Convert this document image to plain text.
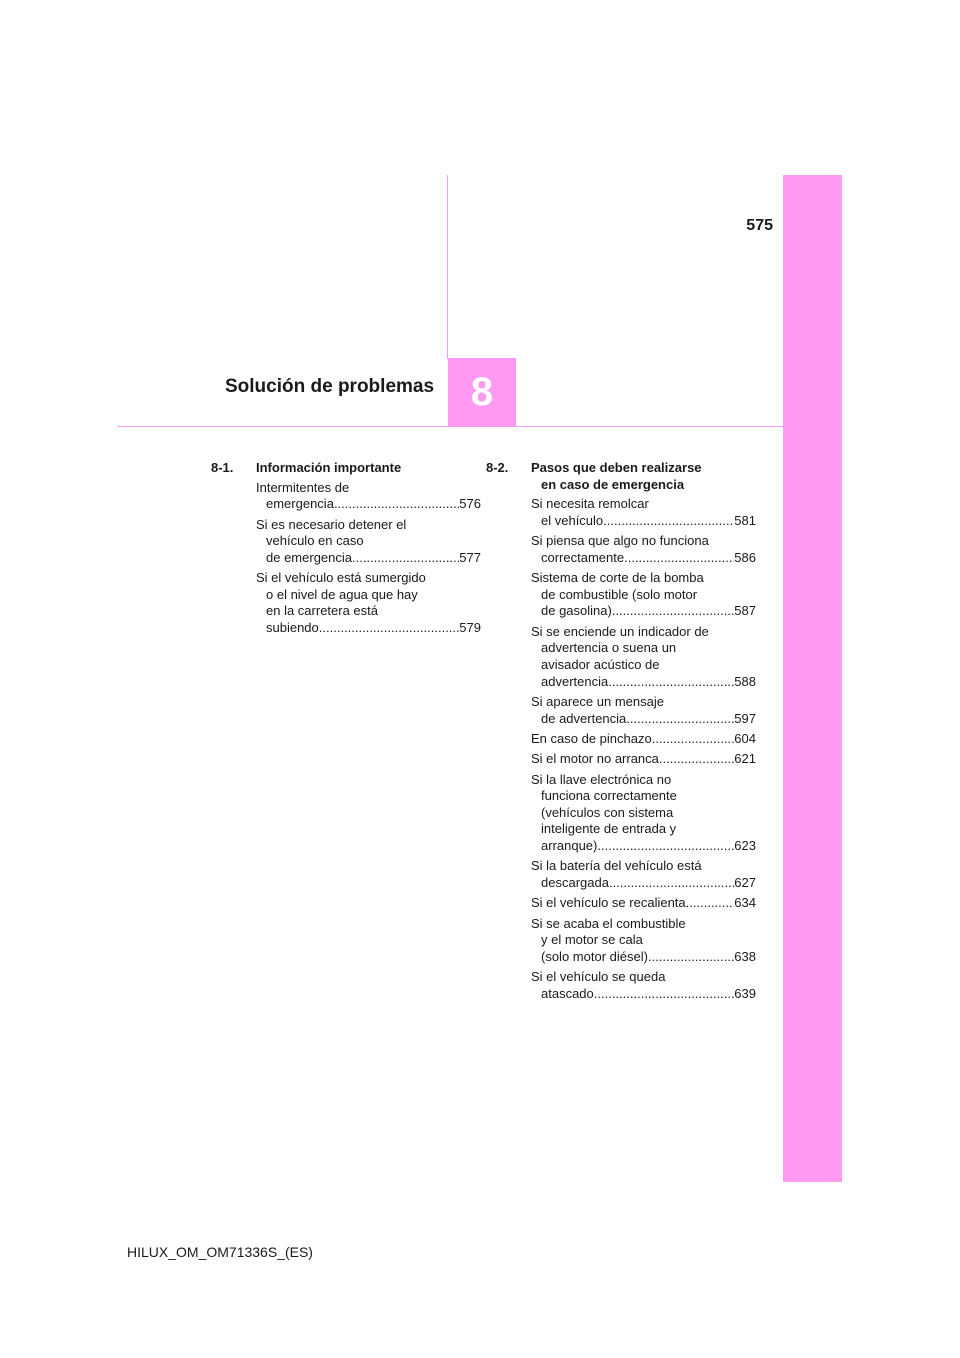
575
8
Solución de problemas
8-1.	Información importante
Intermitentes de
emergencia .....	576
Si es necesario detener el
vehículo en caso
de emergencia .....	577
Si el vehículo está sumergido
o el nivel de agua que hay
en la carretera está
subiendo .....	579
8-2.	Pasos que deben realizarse
en caso de emergencia
Si necesita remolcar
el vehículo .....	581
Si piensa que algo no funciona
correctamente .....	586
Sistema de corte de la bomba
de combustible (solo motor
de gasolina) .....	587
Si se enciende un indicador de
advertencia o suena un
avisador acústico de
advertencia .....	588
Si aparece un mensaje
de advertencia .....	597
En caso de pinchazo .....	604
Si el motor no arranca .....	621
Si la llave electrónica no
funciona correctamente
(vehículos con sistema
inteligente de entrada y
arranque) .....	623
Si la batería del vehículo está
descargada .....	627
Si el vehículo se recalienta .....	634
Si se acaba el combustible
y el motor se cala
(solo motor diésel) .....	638
Si el vehículo se queda
atascado .....	639
HILUX_OM_OM71336S_(ES)
